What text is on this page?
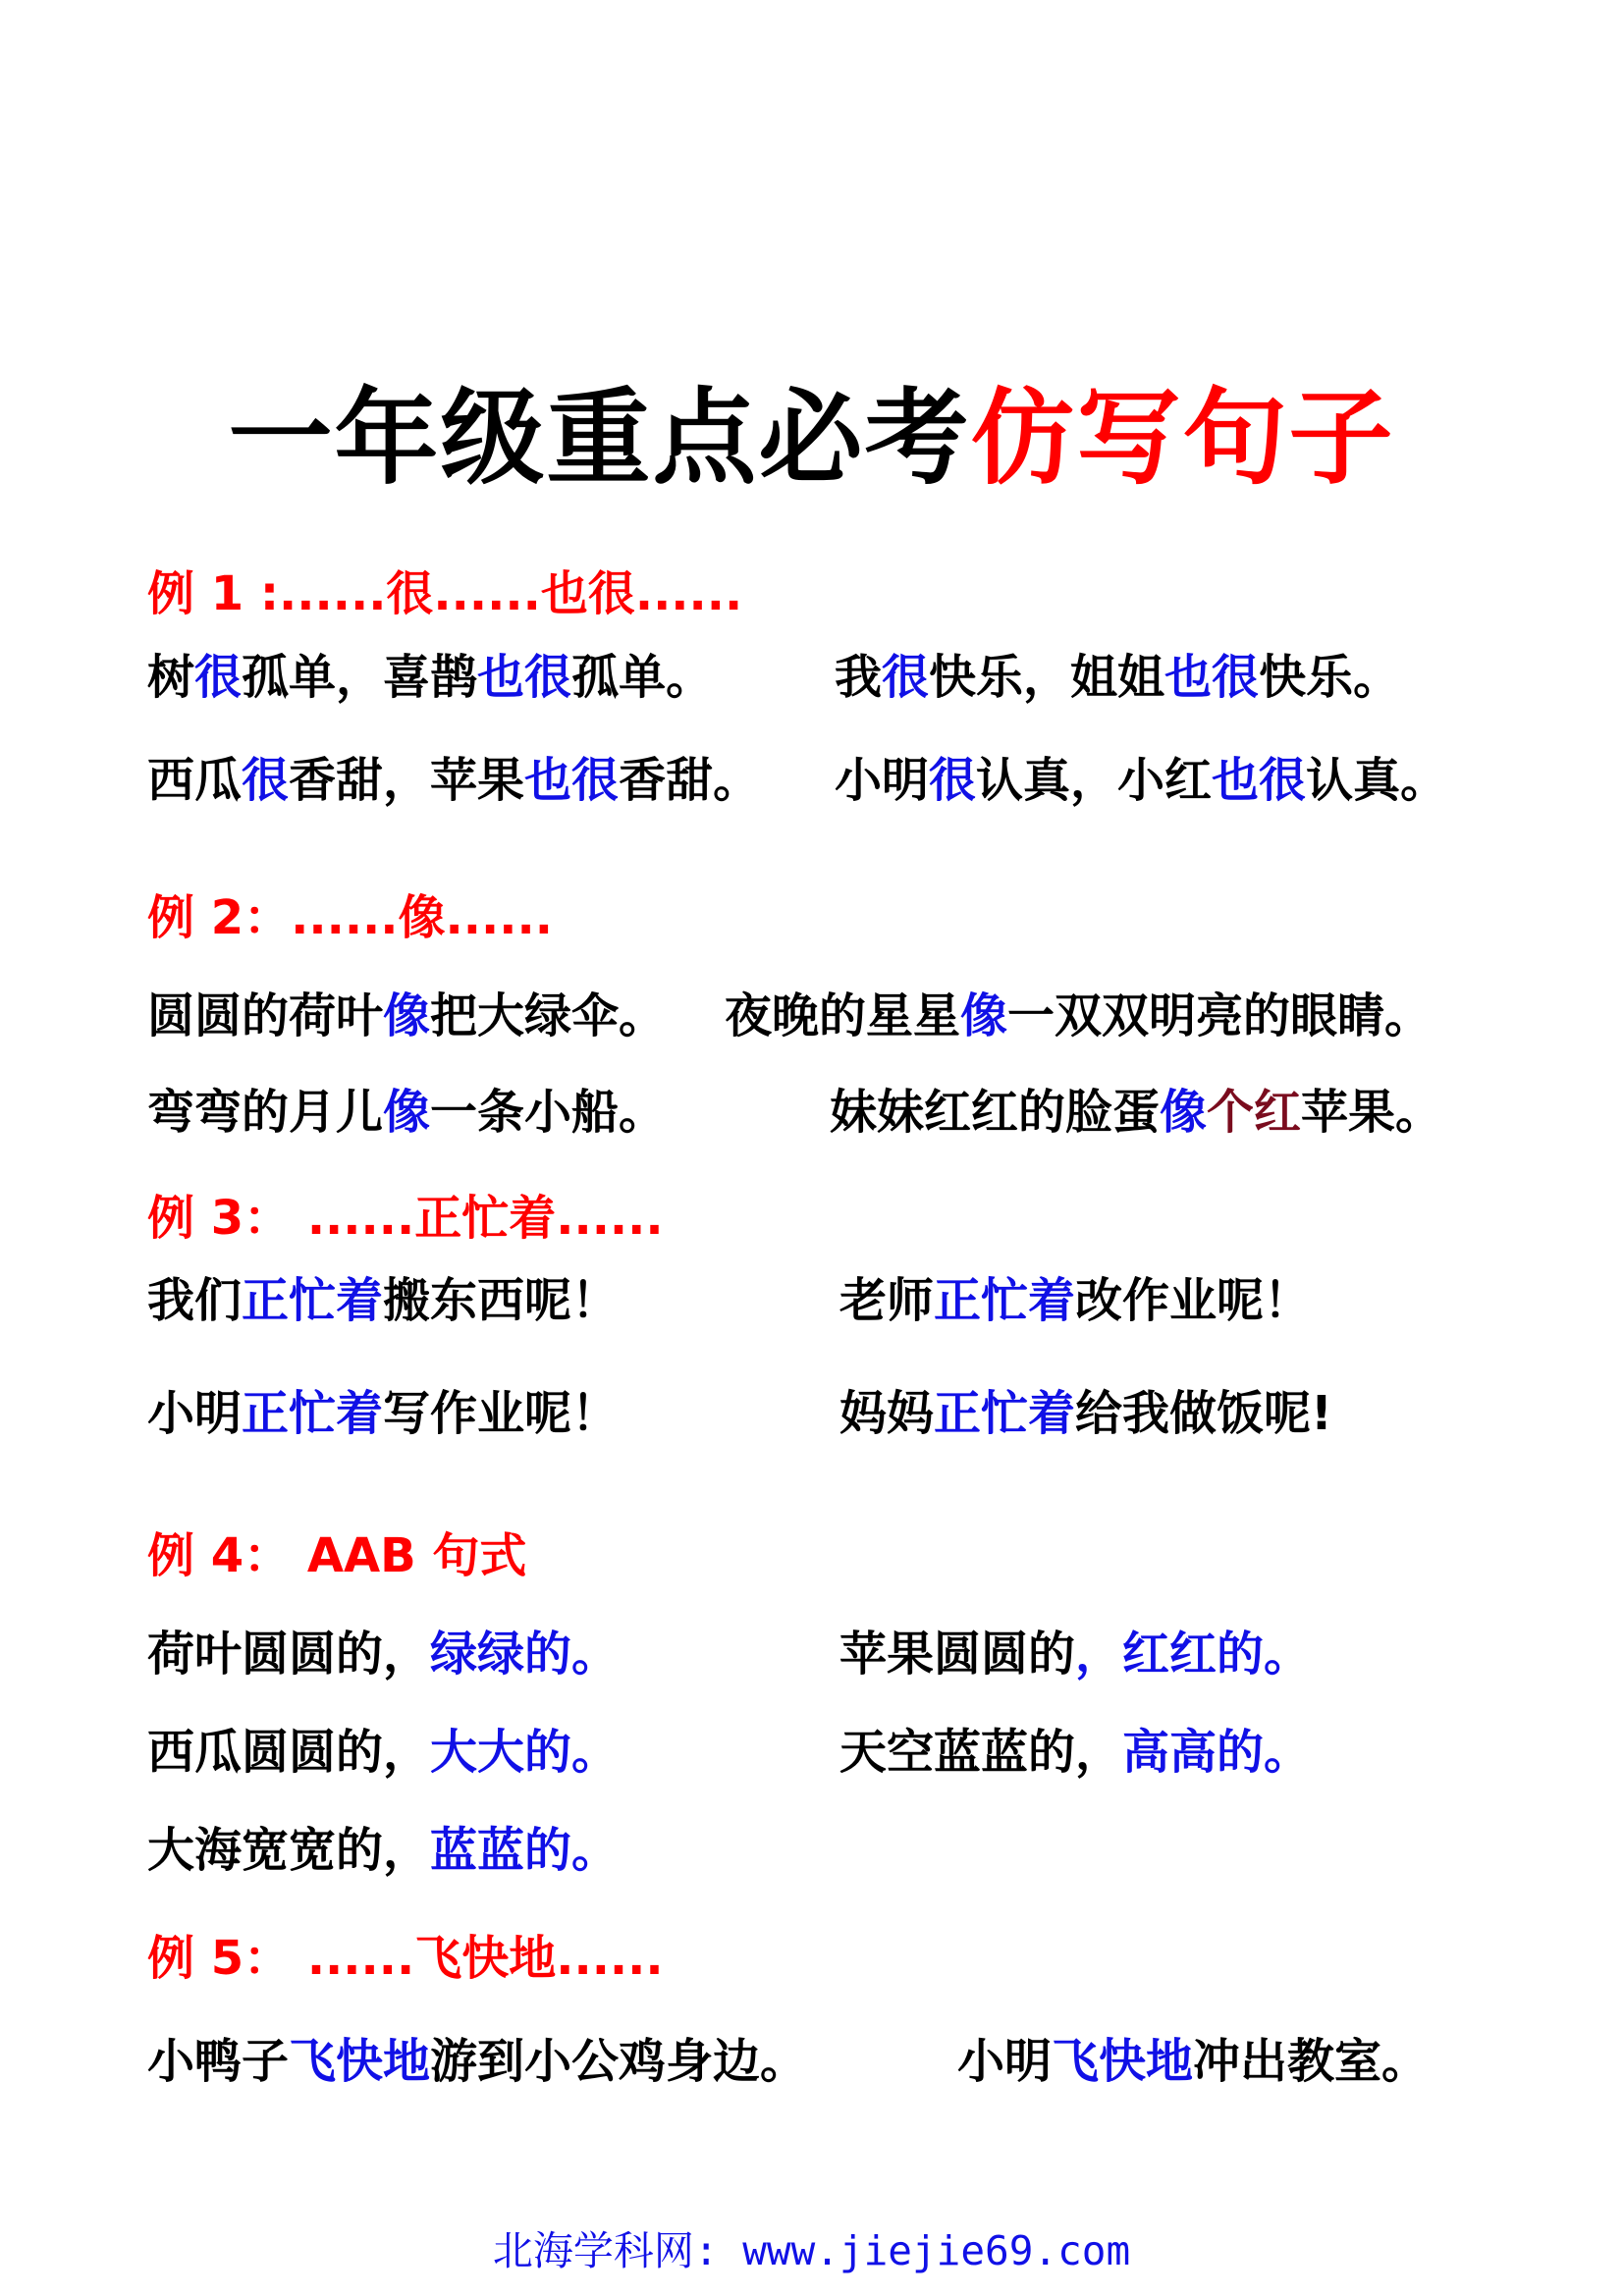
一年级重点必考仿写句子
例 1 :......很......也很......
树很孤单，喜鹊也很孤单。	我很快乐，姐姐也很快乐。
西瓜很香甜，苹果也很香甜。 小明很认真，小红也很认真。
例 2：......像......
圆圆的荷叶像把大绿伞。 夜晚的星星像一双双明亮的眼睛。
弯弯的月儿像一条小船。	妹妹红红的脸蛋像个红苹果。
例 3： ......正忙着......
我们正忙着搬东西呢！	老师正忙着改作业呢！
小明正忙着写作业呢！	妈妈正忙着给我做饭呢!
例 4： AAB 句式
荷叶圆圆的，绿绿的。	苹果圆圆的，红红的。
西瓜圆圆的，大大的。	天空蓝蓝的，高高的。
大海宽宽的，蓝蓝的。
例 5： ......飞快地......
小鸭子飞快地游到小公鸡身边。	小明飞快地冲出教室。
北海学科网: www.jiejie69.com
